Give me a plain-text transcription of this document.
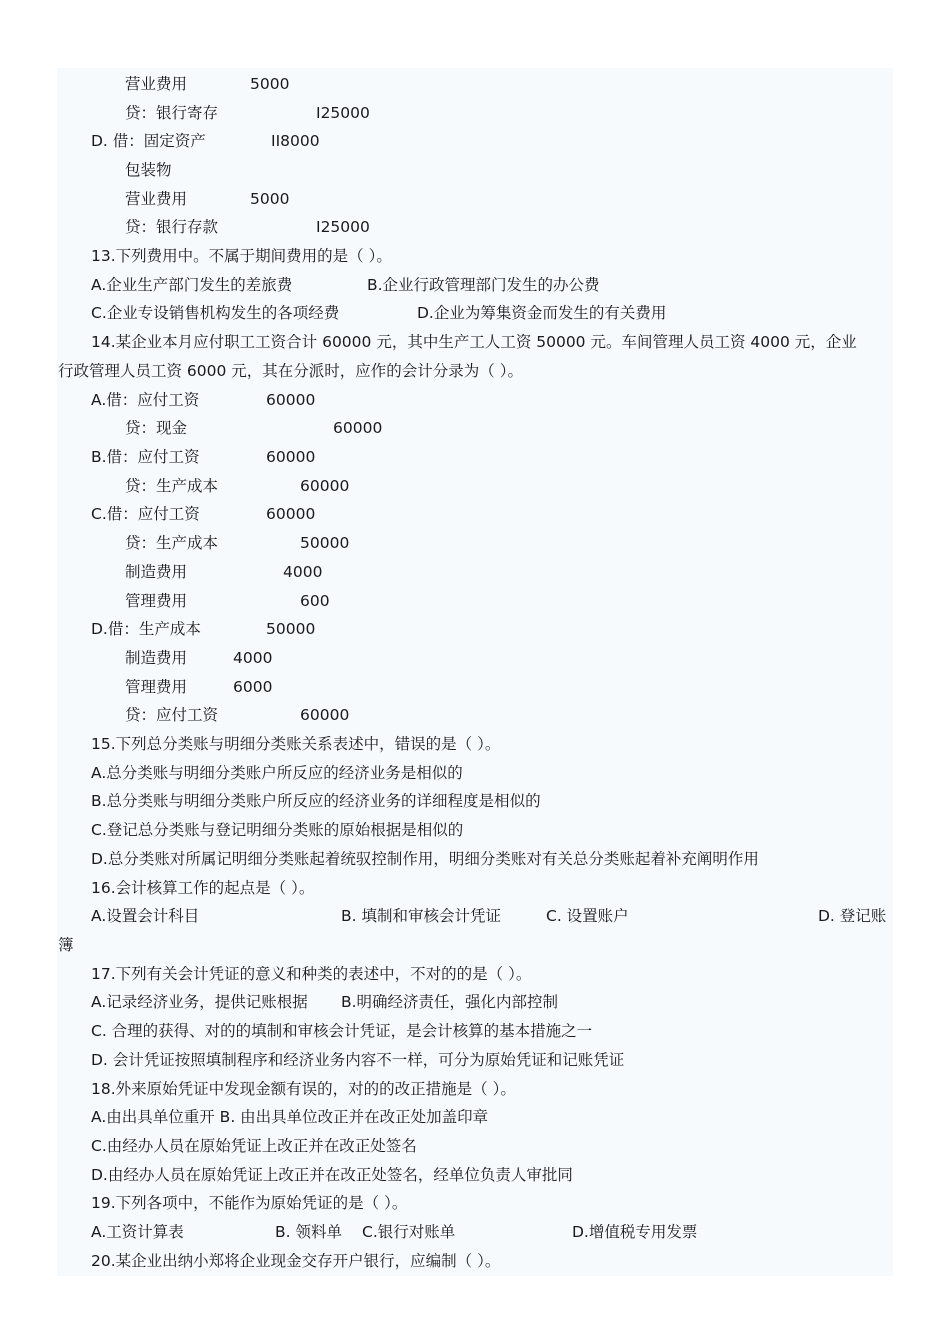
营业费用	5000
贷：银行寄存	I25000
D. 借：固定资产	II8000
包装物
营业费用	5000
贷：银行存款	I25000
13.下列费用中。不属于期间费用的是（ ）。
A.企业生产部门发生的差旅费	B.企业行政管理部门发生的办公费
C.企业专设销售机构发生的各项经费	D.企业为筹集资金而发生的有关费用
14.某企业本月应付职工工资合计 60000 元，其中生产工人工资 50000 元。车间管理人员工资 4000 元，企业
行政管理人员工资 6000 元，其在分派时，应作的会计分录为（ ）。
A.借：应付工资	60000
贷：现金	60000
B.借：应付工资	60000
贷：生产成本	60000
C.借：应付工资	60000
贷：生产成本	50000
制造费用	4000
管理费用	600
D.借：生产成本	50000
制造费用	4000
管理费用	6000
贷：应付工资	60000
15.下列总分类账与明细分类账关系表述中，错误的是（ ）。
A.总分类账与明细分类账户所反应的经济业务是相似的
B.总分类账与明细分类账户所反应的经济业务的详细程度是相似的
C.登记总分类账与登记明细分类账的原始根据是相似的
D.总分类账对所属记明细分类账起着统驭控制作用，明细分类账对有关总分类账起着补充阐明作用
16.会计核算工作的起点是（ ）。
A.设置会计科目	B. 填制和审核会计凭证	C. 设置账户	D. 登记账
簿
17.下列有关会计凭证的意义和种类的表述中，不对的的是（ ）。
A.记录经济业务，提供记账根据 B.明确经济责任，强化内部控制
C. 合理的获得、对的的填制和审核会计凭证，是会计核算的基本措施之一
D. 会计凭证按照填制程序和经济业务内容不一样，可分为原始凭证和记账凭证
18.外来原始凭证中发现金额有误的，对的的改正措施是（ ）。
A.由出具单位重开 B. 由出具单位改正并在改正处加盖印章
C.由经办人员在原始凭证上改正并在改正处签名
D.由经办人员在原始凭证上改正并在改正处签名，经单位负责人审批同
19.下列各项中，不能作为原始凭证的是（ ）。
A.工资计算表	B. 领料单 C.银行对账单	D.增值税专用发票
20.某企业出纳小郑将企业现金交存开户银行，应编制（ ）。
